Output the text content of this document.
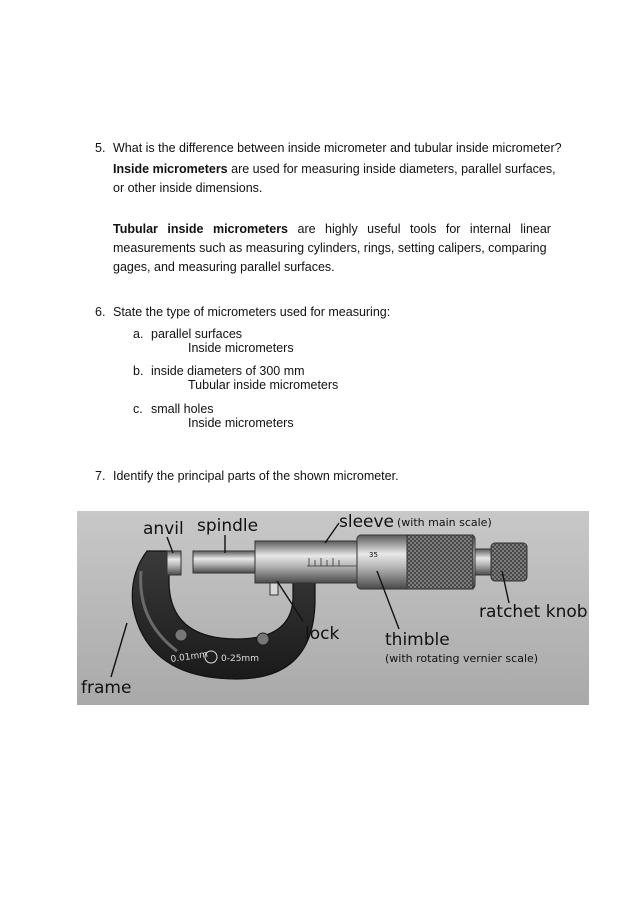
5. What is the difference between inside micrometer and tubular inside micrometer?
Inside micrometers are used for measuring inside diameters, parallel surfaces,
or other inside dimensions.
Tubular inside micrometers are highly useful tools for internal linear
measurements such as measuring cylinders, rings, setting calipers, comparing
gages, and measuring parallel surfaces.
6. State the type of micrometers used for measuring:
a. parallel surfaces
Inside micrometers
b. inside diameters of 300 mm
Tubular inside micrometers
c. small holes
Inside micrometers
7. Identify the principal parts of the shown micrometer.
35
0.01mm 0-25mm
anvil spindle	sleeve (with main scale)
ratchet knob
lock	thimble
(with rotating vernier scale)
frame
